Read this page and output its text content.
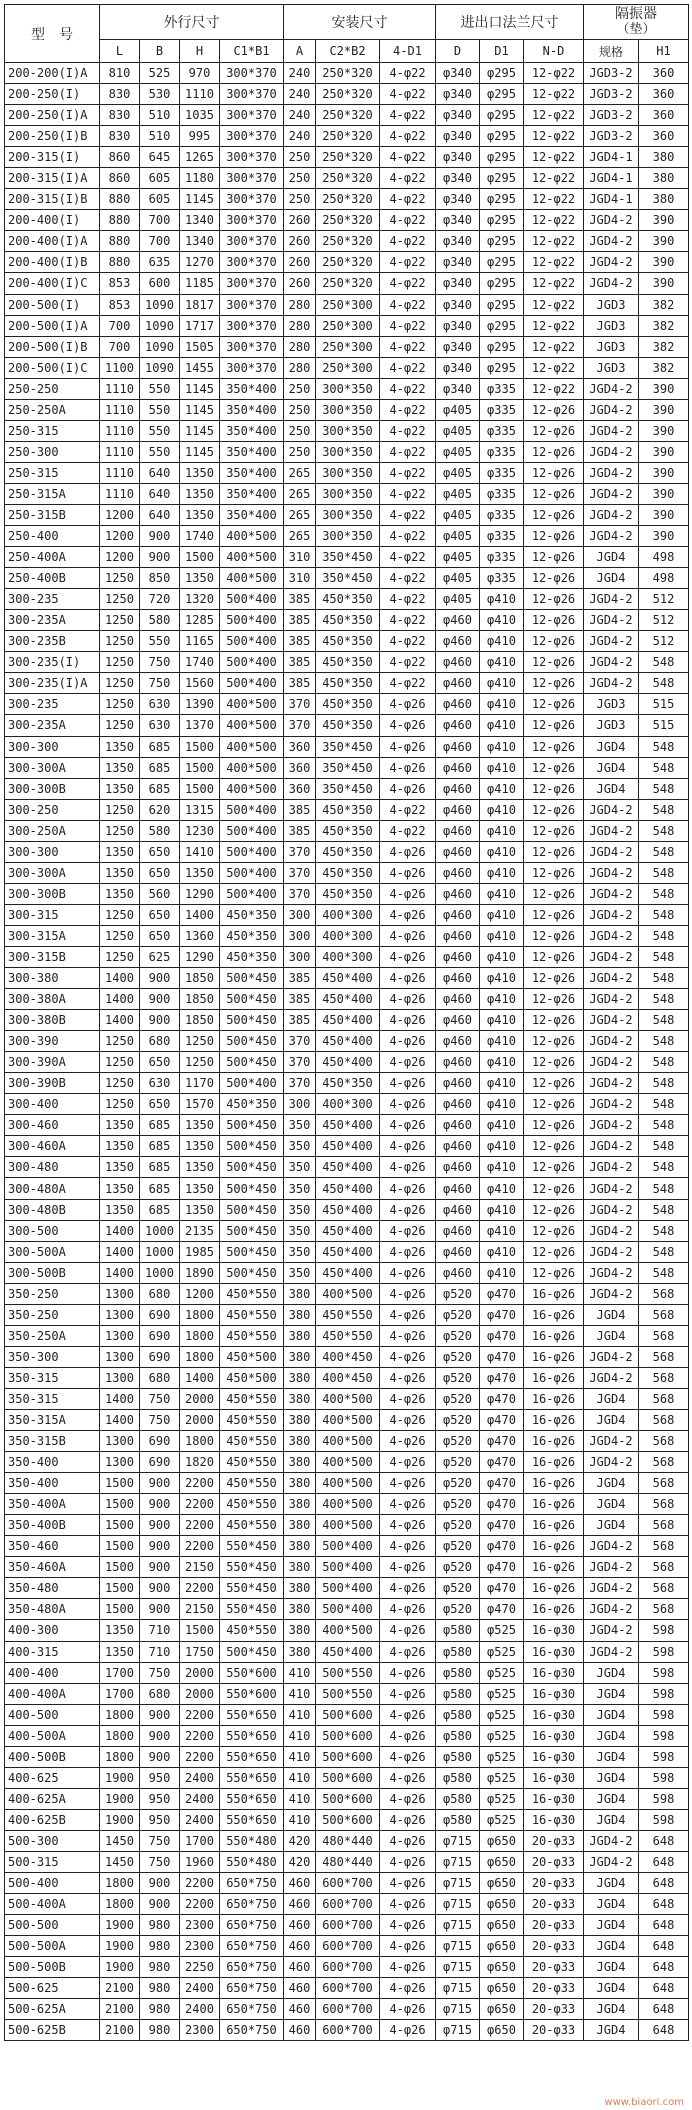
型　号	外行尺寸				安装尺寸			进出口法兰尺寸			隔振器
（垫）	

	L	B	H	C1*B1	A	C2*B2	4-D1	D	D1	N-D	规格	H1
200-200(I)A	810	525	970	300*370	240	250*320	4-φ22	φ340	φ295	12-φ22	JGD3-2	360
200-250(I)	830	530	1110	300*370	240	250*320	4-φ22	φ340	φ295	12-φ22	JGD3-2	360
200-250(I)A	830	510	1035	300*370	240	250*320	4-φ22	φ340	φ295	12-φ22	JGD3-2	360
200-250(I)B	830	510	995	300*370	240	250*320	4-φ22	φ340	φ295	12-φ22	JGD3-2	360
200-315(I)	860	645	1265	300*370	250	250*320	4-φ22	φ340	φ295	12-φ22	JGD4-1	380
200-315(I)A	860	605	1180	300*370	250	250*320	4-φ22	φ340	φ295	12-φ22	JGD4-1	380
200-315(I)B	880	605	1145	300*370	250	250*320	4-φ22	φ340	φ295	12-φ22	JGD4-1	380
200-400(I)	880	700	1340	300*370	260	250*320	4-φ22	φ340	φ295	12-φ22	JGD4-2	390
200-400(I)A	880	700	1340	300*370	260	250*320	4-φ22	φ340	φ295	12-φ22	JGD4-2	390
200-400(I)B	880	635	1270	300*370	260	250*320	4-φ22	φ340	φ295	12-φ22	JGD4-2	390
200-400(I)C	853	600	1185	300*370	260	250*320	4-φ22	φ340	φ295	12-φ22	JGD4-2	390
200-500(I)	853	1090	1817	300*370	280	250*300	4-φ22	φ340	φ295	12-φ22	JGD3	382
200-500(I)A	700	1090	1717	300*370	280	250*300	4-φ22	φ340	φ295	12-φ22	JGD3	382
200-500(I)B	700	1090	1505	300*370	280	250*300	4-φ22	φ340	φ295	12-φ22	JGD3	382
200-500(I)C	1100	1090	1455	300*370	280	250*300	4-φ22	φ340	φ295	12-φ22	JGD3	382
250-250	1110	550	1145	350*400	250	300*350	4-φ22	φ340	φ335	12-φ22	JGD4-2	390
250-250A	1110	550	1145	350*400	250	300*350	4-φ22	φ405	φ335	12-φ26	JGD4-2	390
250-315	1110	550	1145	350*400	250	300*350	4-φ22	φ405	φ335	12-φ26	JGD4-2	390
250-300	1110	550	1145	350*400	250	300*350	4-φ22	φ405	φ335	12-φ26	JGD4-2	390
250-315	1110	640	1350	350*400	265	300*350	4-φ22	φ405	φ335	12-φ26	JGD4-2	390
250-315A	1110	640	1350	350*400	265	300*350	4-φ22	φ405	φ335	12-φ26	JGD4-2	390
250-315B	1200	640	1350	350*400	265	300*350	4-φ22	φ405	φ335	12-φ26	JGD4-2	390
250-400	1200	900	1740	400*500	265	300*350	4-φ22	φ405	φ335	12-φ26	JGD4-2	390
250-400A	1200	900	1500	400*500	310	350*450	4-φ22	φ405	φ335	12-φ26	JGD4	498
250-400B	1250	850	1350	400*500	310	350*450	4-φ22	φ405	φ335	12-φ26	JGD4	498
300-235	1250	720	1320	500*400	385	450*350	4-φ22	φ405	φ410	12-φ26	JGD4-2	512
300-235A	1250	580	1285	500*400	385	450*350	4-φ22	φ460	φ410	12-φ26	JGD4-2	512
300-235B	1250	550	1165	500*400	385	450*350	4-φ22	φ460	φ410	12-φ26	JGD4-2	512
300-235(I)	1250	750	1740	500*400	385	450*350	4-φ22	φ460	φ410	12-φ26	JGD4-2	548
300-235(I)A	1250	750	1560	500*400	385	450*350	4-φ22	φ460	φ410	12-φ26	JGD4-2	548
300-235	1250	630	1390	400*500	370	450*350	4-φ26	φ460	φ410	12-φ26	JGD3	515
300-235A	1250	630	1370	400*500	370	450*350	4-φ26	φ460	φ410	12-φ26	JGD3	515
300-300	1350	685	1500	400*500	360	350*450	4-φ26	φ460	φ410	12-φ26	JGD4	548
300-300A	1350	685	1500	400*500	360	350*450	4-φ26	φ460	φ410	12-φ26	JGD4	548
300-300B	1350	685	1500	400*500	360	350*450	4-φ26	φ460	φ410	12-φ26	JGD4	548
300-250	1250	620	1315	500*400	385	450*350	4-φ22	φ460	φ410	12-φ26	JGD4-2	548
300-250A	1250	580	1230	500*400	385	450*350	4-φ22	φ460	φ410	12-φ26	JGD4-2	548
300-300	1350	650	1410	500*400	370	450*350	4-φ26	φ460	φ410	12-φ26	JGD4-2	548
300-300A	1350	650	1350	500*400	370	450*350	4-φ26	φ460	φ410	12-φ26	JGD4-2	548
300-300B	1350	560	1290	500*400	370	450*350	4-φ26	φ460	φ410	12-φ26	JGD4-2	548
300-315	1250	650	1400	450*350	300	400*300	4-φ26	φ460	φ410	12-φ26	JGD4-2	548
300-315A	1250	650	1360	450*350	300	400*300	4-φ26	φ460	φ410	12-φ26	JGD4-2	548
300-315B	1250	625	1290	450*350	300	400*300	4-φ26	φ460	φ410	12-φ26	JGD4-2	548
300-380	1400	900	1850	500*450	385	450*400	4-φ26	φ460	φ410	12-φ26	JGD4-2	548
300-380A	1400	900	1850	500*450	385	450*400	4-φ26	φ460	φ410	12-φ26	JGD4-2	548
300-380B	1400	900	1850	500*450	385	450*400	4-φ26	φ460	φ410	12-φ26	JGD4-2	548
300-390	1250	680	1250	500*450	370	450*400	4-φ26	φ460	φ410	12-φ26	JGD4-2	548
300-390A	1250	650	1250	500*450	370	450*400	4-φ26	φ460	φ410	12-φ26	JGD4-2	548
300-390B	1250	630	1170	500*400	370	450*350	4-φ26	φ460	φ410	12-φ26	JGD4-2	548
300-400	1250	650	1570	450*350	300	400*300	4-φ26	φ460	φ410	12-φ26	JGD4-2	548
300-460	1350	685	1350	500*450	350	450*400	4-φ26	φ460	φ410	12-φ26	JGD4-2	548
300-460A	1350	685	1350	500*450	350	450*400	4-φ26	φ460	φ410	12-φ26	JGD4-2	548
300-480	1350	685	1350	500*450	350	450*400	4-φ26	φ460	φ410	12-φ26	JGD4-2	548
300-480A	1350	685	1350	500*450	350	450*400	4-φ26	φ460	φ410	12-φ26	JGD4-2	548
300-480B	1350	685	1350	500*450	350	450*400	4-φ26	φ460	φ410	12-φ26	JGD4-2	548
300-500	1400	1000	2135	500*450	350	450*400	4-φ26	φ460	φ410	12-φ26	JGD4-2	548
300-500A	1400	1000	1985	500*450	350	450*400	4-φ26	φ460	φ410	12-φ26	JGD4-2	548
300-500B	1400	1000	1890	500*450	350	450*400	4-φ26	φ460	φ410	12-φ26	JGD4-2	548
350-250	1300	680	1200	450*550	380	400*500	4-φ26	φ520	φ470	16-φ26	JGD4-2	568
350-250	1300	690	1800	450*550	380	450*550	4-φ26	φ520	φ470	16-φ26	JGD4	568
350-250A	1300	690	1800	450*550	380	450*550	4-φ26	φ520	φ470	16-φ26	JGD4	568
350-300	1300	690	1800	450*500	380	400*450	4-φ26	φ520	φ470	16-φ26	JGD4-2	568
350-315	1300	680	1400	450*500	380	400*450	4-φ26	φ520	φ470	16-φ26	JGD4-2	568
350-315	1400	750	2000	450*550	380	400*500	4-φ26	φ520	φ470	16-φ26	JGD4	568
350-315A	1400	750	2000	450*550	380	400*500	4-φ26	φ520	φ470	16-φ26	JGD4	568
350-315B	1300	690	1800	450*550	380	400*500	4-φ26	φ520	φ470	16-φ26	JGD4-2	568
350-400	1300	690	1820	450*550	380	400*500	4-φ26	φ520	φ470	16-φ26	JGD4-2	568
350-400	1500	900	2200	450*550	380	400*500	4-φ26	φ520	φ470	16-φ26	JGD4	568
350-400A	1500	900	2200	450*550	380	400*500	4-φ26	φ520	φ470	16-φ26	JGD4	568
350-400B	1500	900	2200	450*550	380	400*500	4-φ26	φ520	φ470	16-φ26	JGD4	568
350-460	1500	900	2200	550*450	380	500*400	4-φ26	φ520	φ470	16-φ26	JGD4-2	568
350-460A	1500	900	2150	550*450	380	500*400	4-φ26	φ520	φ470	16-φ26	JGD4-2	568
350-480	1500	900	2200	550*450	380	500*400	4-φ26	φ520	φ470	16-φ26	JGD4-2	568
350-480A	1500	900	2150	550*450	380	500*400	4-φ26	φ520	φ470	16-φ26	JGD4-2	568
400-300	1350	710	1500	450*550	380	400*500	4-φ26	φ580	φ525	16-φ30	JGD4-2	598
400-315	1350	710	1750	500*450	380	450*400	4-φ26	φ580	φ525	16-φ30	JGD4-2	598
400-400	1700	750	2000	550*600	410	500*550	4-φ26	φ580	φ525	16-φ30	JGD4	598
400-400A	1700	680	2000	550*600	410	500*550	4-φ26	φ580	φ525	16-φ30	JGD4	598
400-500	1800	900	2200	550*650	410	500*600	4-φ26	φ580	φ525	16-φ30	JGD4	598
400-500A	1800	900	2200	550*650	410	500*600	4-φ26	φ580	φ525	16-φ30	JGD4	598
400-500B	1800	900	2200	550*650	410	500*600	4-φ26	φ580	φ525	16-φ30	JGD4	598
400-625	1900	950	2400	550*650	410	500*600	4-φ26	φ580	φ525	16-φ30	JGD4	598
400-625A	1900	950	2400	550*650	410	500*600	4-φ26	φ580	φ525	16-φ30	JGD4	598
400-625B	1900	950	2400	550*650	410	500*600	4-φ26	φ580	φ525	16-φ30	JGD4	598
500-300	1450	750	1700	550*480	420	480*440	4-φ26	φ715	φ650	20-φ33	JGD4-2	648
500-315	1450	750	1960	550*480	420	480*440	4-φ26	φ715	φ650	20-φ33	JGD4-2	648
500-400	1800	900	2200	650*750	460	600*700	4-φ26	φ715	φ650	20-φ33	JGD4	648
500-400A	1800	900	2200	650*750	460	600*700	4-φ26	φ715	φ650	20-φ33	JGD4	648
500-500	1900	980	2300	650*750	460	600*700	4-φ26	φ715	φ650	20-φ33	JGD4	648
500-500A	1900	980	2300	650*750	460	600*700	4-φ26	φ715	φ650	20-φ33	JGD4	648
500-500B	1900	980	2250	650*750	460	600*700	4-φ26	φ715	φ650	20-φ33	JGD4	648
500-625	2100	980	2400	650*750	460	600*700	4-φ26	φ715	φ650	20-φ33	JGD4	648
500-625A	2100	980	2400	650*750	460	600*700	4-φ26	φ715	φ650	20-φ33	JGD4	648
500-625B	2100	980	2300	650*750	460	600*700	4-φ26	φ715	φ650	20-φ33	JGD4	648
www.biaori.com
